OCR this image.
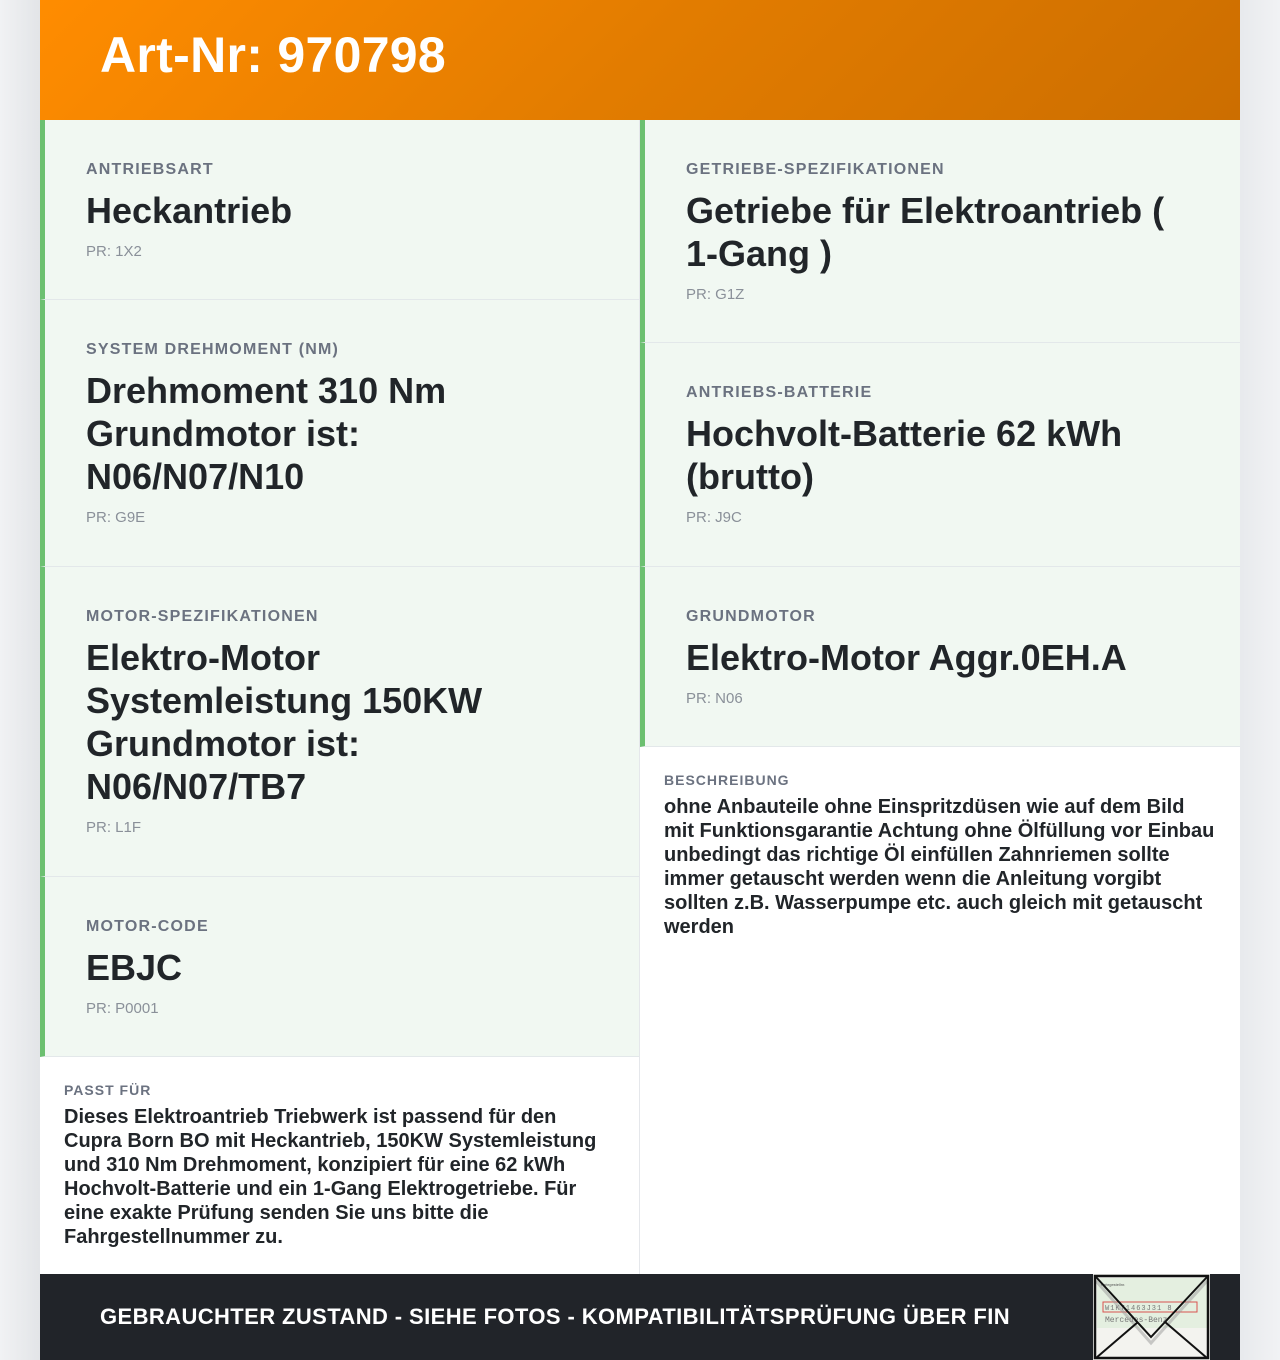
Art-Nr: 970798
ANTRIEBSART
Heckantrieb
PR: 1X2
SYSTEM DREHMOMENT (NM)
Drehmoment 310 Nm Grundmotor ist: N06/N07/N10
PR: G9E
MOTOR-SPEZIFIKATIONEN
Elektro-Motor Systemleistung 150KW Grundmotor ist: N06/N07/TB7
PR: L1F
MOTOR-CODE
EBJC
PR: P0001
PASST FÜR
Dieses Elektroantrieb Triebwerk ist passend für den Cupra Born BO mit Heckantrieb, 150KW Systemleistung und 310 Nm Drehmoment, konzipiert für eine 62 kWh Hochvolt-Batterie und ein 1-Gang Elektrogetriebe. Für eine exakte Prüfung senden Sie uns bitte die Fahrgestellnummer zu.
GETRIEBE-SPEZIFIKATIONEN
Getriebe für Elektroantrieb ( 1-Gang )
PR: G1Z
ANTRIEBS-BATTERIE
Hochvolt-Batterie 62 kWh (brutto)
PR: J9C
GRUNDMOTOR
Elektro-Motor Aggr.0EH.A
PR: N06
BESCHREIBUNG
ohne Anbauteile ohne Einspritzdüsen wie auf dem Bild mit Funktionsgarantie Achtung ohne Ölfüllung vor Einbau unbedingt das richtige Öl einfüllen Zahnriemen sollte immer getauscht werden wenn die Anleitung vorgibt sollten z.B. Wasserpumpe etc. auch gleich mit getauscht werden
GEBRAUCHTER ZUSTAND - SIEHE FOTOS - KOMPATIBILITÄTSPRÜFUNG ÜBER FIN
Fahrgestellnr.
W1K71463J31 8
Mercedes-Benz
